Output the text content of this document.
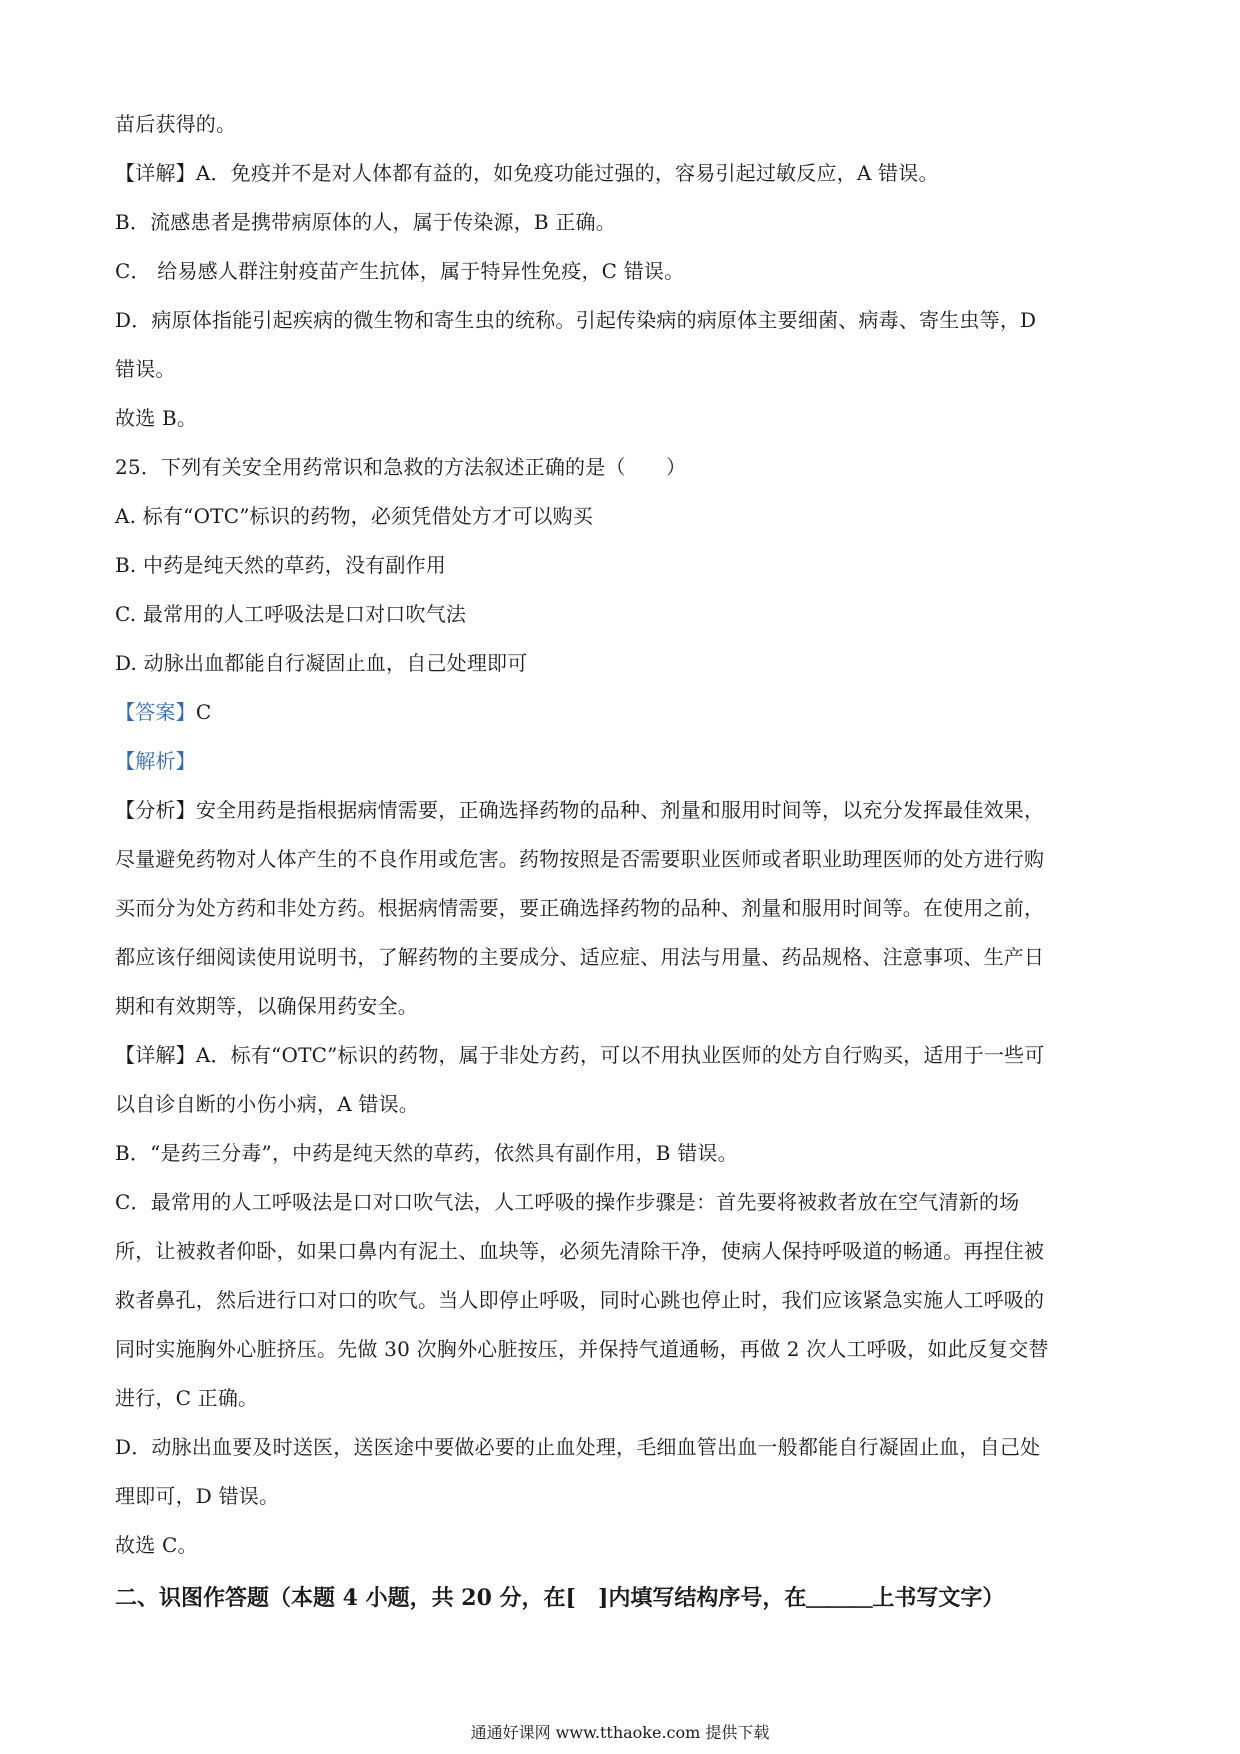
苗后获得的。
【详解】A．免疫并不是对人体都有益的，如免疫功能过强的，容易引起过敏反应，A 错误。
B．流感患者是携带病原体的人，属于传染源，B 正确。
C． 给易感人群注射疫苗产生抗体，属于特异性免疫，C 错误。
D．病原体指能引起疾病的微生物和寄生虫的统称。引起传染病的病原体主要细菌、病毒、寄生虫等，D
错误。
故选 B。
25．下列有关安全用药常识和急救的方法叙述正确的是（　　）
A. 标有“OTC”标识的药物，必须凭借处方才可以购买
B. 中药是纯天然的草药，没有副作用
C. 最常用的人工呼吸法是口对口吹气法
D. 动脉出血都能自行凝固止血，自己处理即可
【答案】C
【解析】
【分析】安全用药是指根据病情需要，正确选择药物的品种、剂量和服用时间等，以充分发挥最佳效果，
尽量避免药物对人体产生的不良作用或危害。药物按照是否需要职业医师或者职业助理医师的处方进行购
买而分为处方药和非处方药。根据病情需要，要正确选择药物的品种、剂量和服用时间等。在使用之前，
都应该仔细阅读使用说明书，了解药物的主要成分、适应症、用法与用量、药品规格、注意事项、生产日
期和有效期等，以确保用药安全。
【详解】A．标有“OTC”标识的药物，属于非处方药，可以不用执业医师的处方自行购买，适用于一些可
以自诊自断的小伤小病，A 错误。
B．“是药三分毒”，中药是纯天然的草药，依然具有副作用，B 错误。
C．最常用的人工呼吸法是口对口吹气法，人工呼吸的操作步骤是：首先要将被救者放在空气清新的场
所，让被救者仰卧，如果口鼻内有泥土、血块等，必须先清除干净，使病人保持呼吸道的畅通。再捏住被
救者鼻孔，然后进行口对口的吹气。当人即停止呼吸，同时心跳也停止时，我们应该紧急实施人工呼吸的
同时实施胸外心脏挤压。先做 30 次胸外心脏按压，并保持气道通畅，再做 2 次人工呼吸，如此反复交替
进行，C 正确。
D．动脉出血要及时送医，送医途中要做必要的止血处理，毛细血管出血一般都能自行凝固止血，自己处
理即可，D 错误。
故选 C。
二、识图作答题（本题 4 小题，共 20 分，在[　]内填写结构序号，在＿＿＿上书写文字）
通通好课网 www.tthaoke.com 提供下载
